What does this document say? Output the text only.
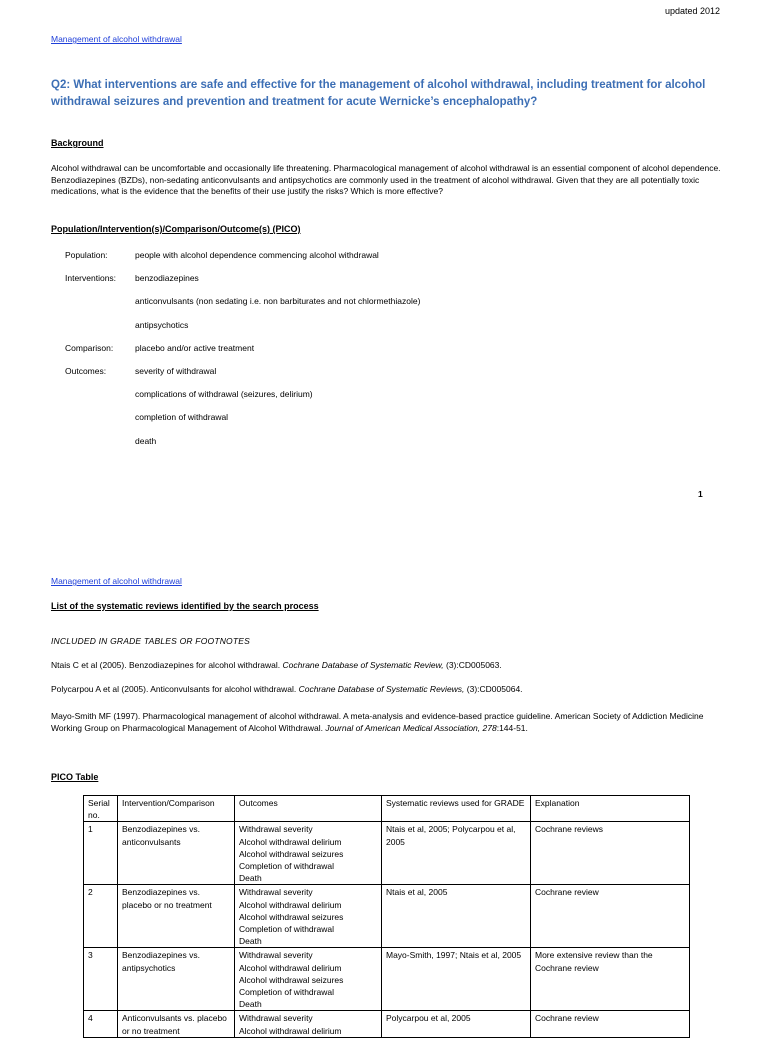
updated 2012
Management of alcohol withdrawal
Q2: What interventions are safe and effective for the management of alcohol withdrawal, including treatment for alcohol withdrawal seizures and prevention and treatment for acute Wernicke’s encephalopathy?
Background
Alcohol withdrawal can be uncomfortable and occasionally life threatening. Pharmacological management of alcohol withdrawal is an essential component of alcohol dependence. Benzodiazepines (BZDs), non-sedating anticonvulsants and antipsychotics are commonly used in the treatment of alcohol withdrawal. Given that they are all potentially toxic medications, what is the evidence that the benefits of their use justify the risks? Which is more effective?
Population/Intervention(s)/Comparison/Outcome(s) (PICO)
Population:	people with alcohol dependence commencing alcohol withdrawal
Interventions: benzodiazepines
anticonvulsants (non sedating i.e. non barbiturates and not chlormethiazole)
antipsychotics
Comparison:	placebo and/or active treatment
Outcomes:	severity of withdrawal
complications of withdrawal (seizures, delirium)
completion of withdrawal
death
1
Management of alcohol withdrawal
List of the systematic reviews identified by the search process
INCLUDED IN GRADE TABLES OR FOOTNOTES
Ntais C et al (2005). Benzodiazepines for alcohol withdrawal. Cochrane Database of Systematic Review, (3):CD005063.
Polycarpou A et al (2005). Anticonvulsants for alcohol withdrawal. Cochrane Database of Systematic Reviews, (3):CD005064.
Mayo-Smith MF (1997). Pharmacological management of alcohol withdrawal. A meta-analysis and evidence-based practice guideline. American Society of Addiction Medicine Working Group on Pharmacological Management of Alcohol Withdrawal. Journal of American Medical Association, 278:144-51.
PICO Table
Serial no.	Intervention/Comparison	Outcomes	Systematic reviews used for GRADE	Explanation
1	Benzodiazepines vs. anticonvulsants	Withdrawal severity
Alcohol withdrawal delirium
Alcohol withdrawal seizures
Completion of withdrawal
Death	Ntais et al, 2005; Polycarpou et al, 2005	Cochrane reviews
2	Benzodiazepines vs. placebo or no treatment	Withdrawal severity
Alcohol withdrawal delirium
Alcohol withdrawal seizures
Completion of withdrawal
Death	Ntais et al, 2005	Cochrane review
3	Benzodiazepines vs. antipsychotics	Withdrawal severity
Alcohol withdrawal delirium
Alcohol withdrawal seizures
Completion of withdrawal
Death	Mayo-Smith, 1997; Ntais et al, 2005	More extensive review than the Cochrane review
4	Anticonvulsants vs. placebo or no treatment	Withdrawal severity
Alcohol withdrawal delirium	Polycarpou et al, 2005	Cochrane review
